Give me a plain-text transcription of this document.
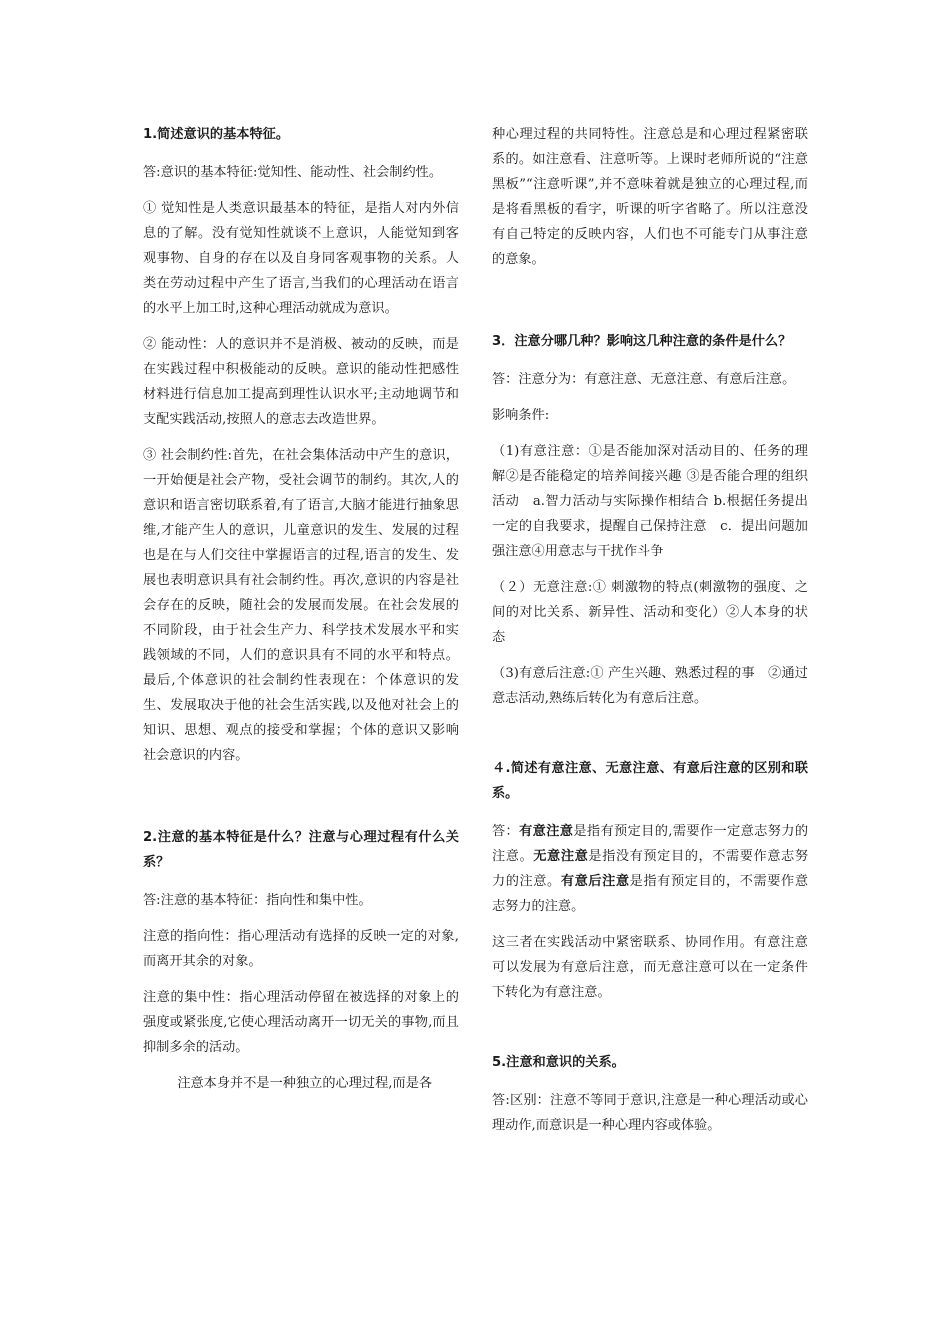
1.简述意识的基本特征。

答:意识的基本特征:觉知性、能动性、社会制约性。

① 觉知性是人类意识最基本的特征，是指人对内外信息的了解。没有觉知性就谈不上意识，人能觉知到客观事物、自身的存在以及自身同客观事物的关系。人类在劳动过程中产生了语言,当我们的心理活动在语言的水平上加工时,这种心理活动就成为意识。

② 能动性：人的意识并不是消极、被动的反映，而是在实践过程中积极能动的反映。意识的能动性把感性材料进行信息加工提高到理性认识水平;主动地调节和支配实践活动,按照人的意志去改造世界。

③ 社会制约性:首先，在社会集体活动中产生的意识，一开始便是社会产物，受社会调节的制约。其次,人的意识和语言密切联系着,有了语言,大脑才能进行抽象思维,才能产生人的意识，儿童意识的发生、发展的过程也是在与人们交往中掌握语言的过程,语言的发生、发展也表明意识具有社会制约性。再次,意识的内容是社会存在的反映，随社会的发展而发展。在社会发展的不同阶段，由于社会生产力、科学技术发展水平和实践领域的不同，人们的意识具有不同的水平和特点。最后,个体意识的社会制约性表现在：个体意识的发生、发展取决于他的社会生活实践,以及他对社会上的知识、思想、观点的接受和掌握；个体的意识又影响社会意识的内容。

2.注意的基本特征是什么？注意与心理过程有什么关系？

答:注意的基本特征：指向性和集中性。

注意的指向性：指心理活动有选择的反映一定的对象,而离开其余的对象。

注意的集中性：指心理活动停留在被选择的对象上的强度或紧张度,它使心理活动离开一切无关的事物,而且抑制多余的活动。

注意本身并不是一种独立的心理过程,而是各

种心理过程的共同特性。注意总是和心理过程紧密联系的。如注意看、注意听等。上课时老师所说的“注意黑板”“注意听课”,并不意味着就是独立的心理过程,而是将看黑板的看字，听课的听字省略了。所以注意没有自己特定的反映内容，人们也不可能专门从事注意的意象。

3．注意分哪几种？影响这几种注意的条件是什么？

答：注意分为：有意注意、无意注意、有意后注意。

影响条件:

（1)有意注意：①是否能加深对活动目的、任务的理解②是否能稳定的培养间接兴趣 ③是否能合理的组织活动　a.智力活动与实际操作相结合 b.根据任务提出一定的自我要求，提醒自己保持注意　c．提出问题加强注意④用意志与干扰作斗争

（２）无意注意:① 刺激物的特点(刺激物的强度、之间的对比关系、新异性、活动和变化）②人本身的状态

（3)有意后注意:① 产生兴趣、熟悉过程的事　②通过意志活动,熟练后转化为有意后注意。

４.简述有意注意、无意注意、有意后注意的区别和联系。

答：有意注意是指有预定目的,需要作一定意志努力的注意。无意注意是指没有预定目的，不需要作意志努力的注意。有意后注意是指有预定目的，不需要作意志努力的注意。

这三者在实践活动中紧密联系、协同作用。有意注意可以发展为有意后注意，而无意注意可以在一定条件下转化为有意注意。

5.注意和意识的关系。

答:区别：注意不等同于意识,注意是一种心理活动或心理动作,而意识是一种心理内容或体验。
